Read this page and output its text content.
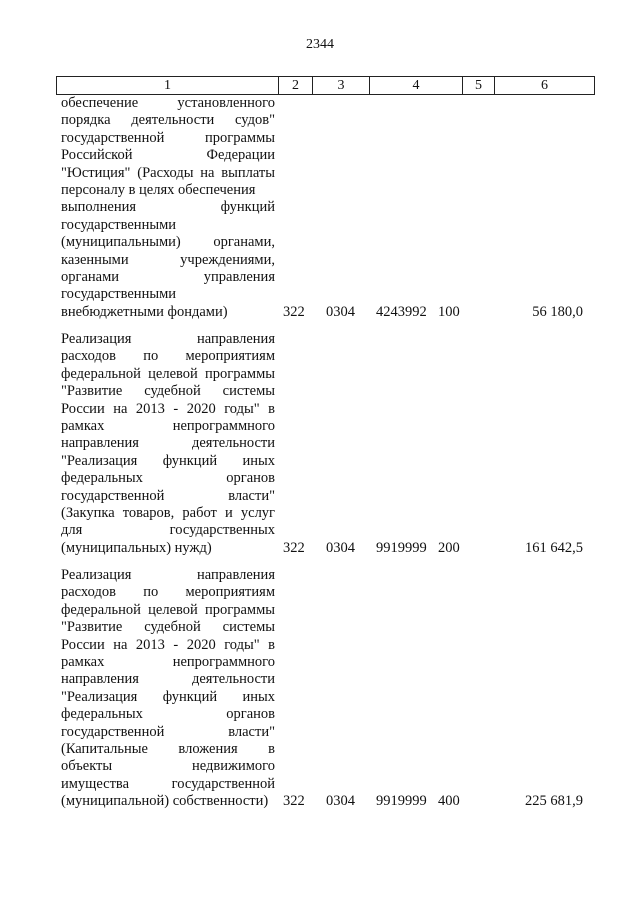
2344
1	2	3	4	5	6
обеспечение установленного
порядка деятельности судов"
государственной программы
Российской Федерации
"Юстиция" (Расходы на выплаты
персоналу в целях обеспечения
выполнения функций
государственными
(муниципальными) органами,
казенными учреждениями,
органами управления
государственными
внебюджетными фондами)	322 0304 4243992 100	56 180,0
Реализация направления
расходов по мероприятиям
федеральной целевой программы
"Развитие судебной системы
России на 2013 - 2020 годы" в
рамках непрограммного
направления деятельности
"Реализация функций иных
федеральных органов
государственной власти"
(Закупка товаров, работ и услуг
для государственных
(муниципальных) нужд)	322 0304 9919999 200	161 642,5
Реализация направления
расходов по мероприятиям
федеральной целевой программы
"Развитие судебной системы
России на 2013 - 2020 годы" в
рамках непрограммного
направления деятельности
"Реализация функций иных
федеральных органов
государственной власти"
(Капитальные вложения в
объекты недвижимого
имущества государственной
(муниципальной) собственности)	322 0304 9919999 400	225 681,9
